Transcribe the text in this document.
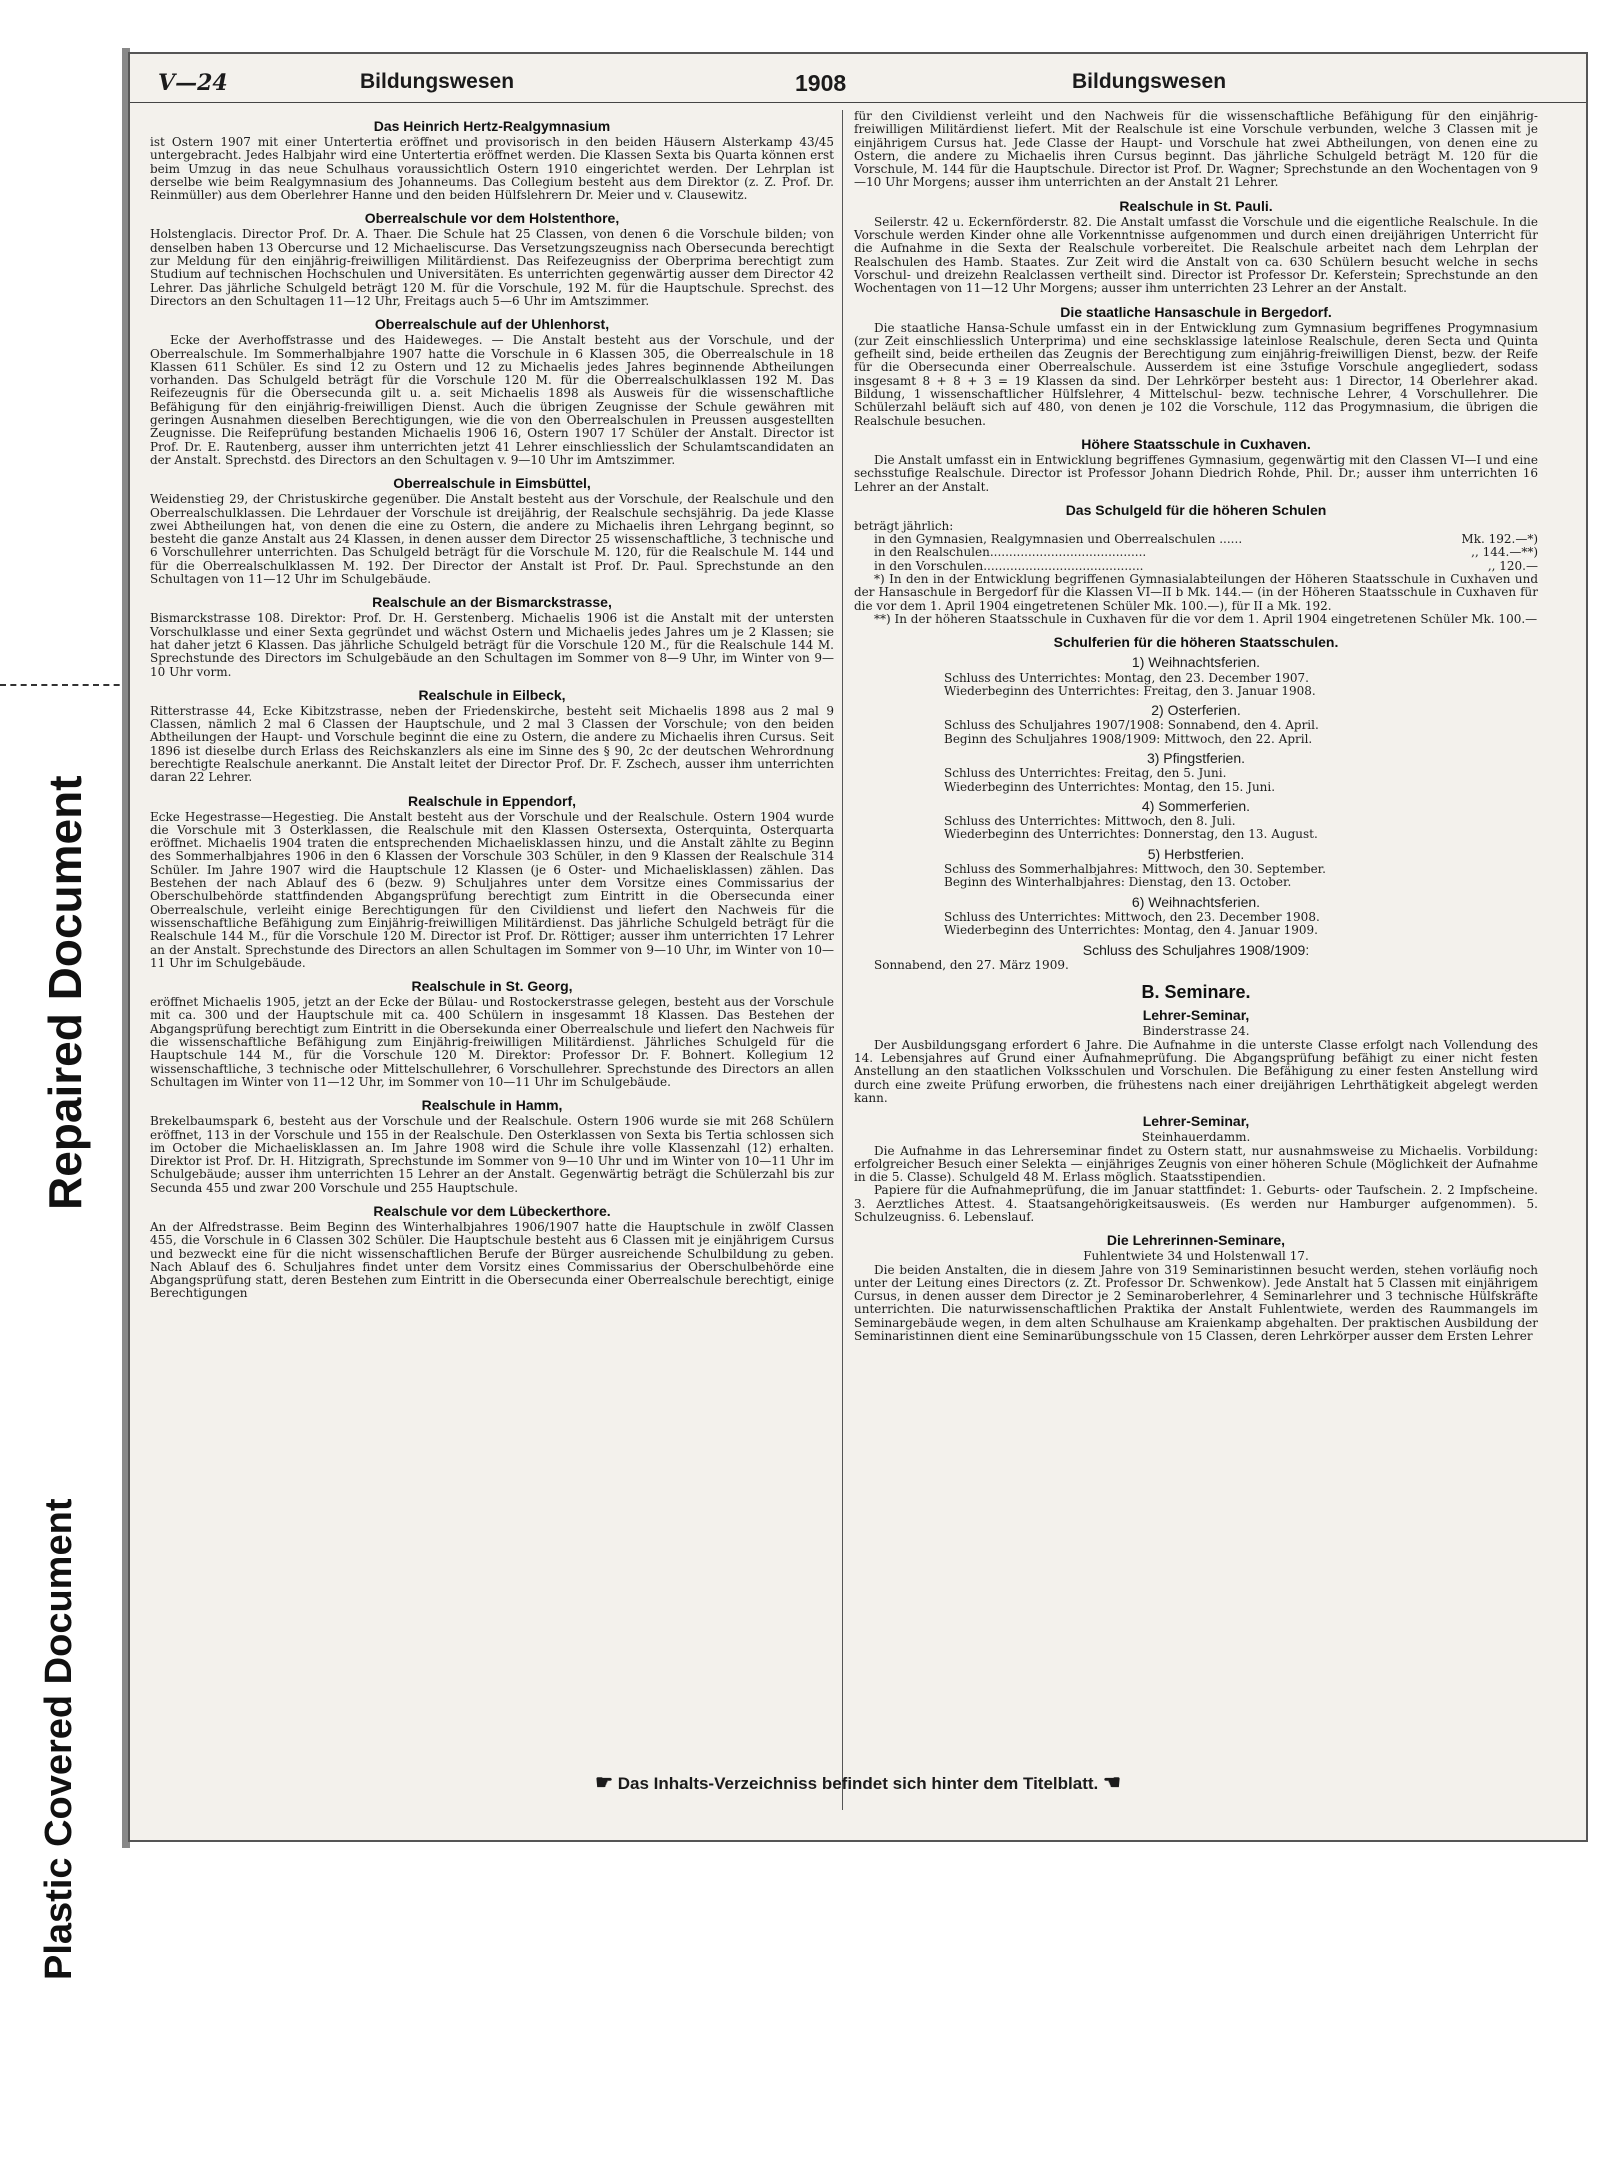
Repaired Document
Plastic Covered Document
V—24	Bildungswesen	1908	Bildungswesen
Das Heinrich Hertz-Realgymnasium

ist Ostern 1907 mit einer Untertertia eröffnet und provisorisch in den beiden Häusern Alsterkamp 43/45 untergebracht. Jedes Halbjahr wird eine Untertertia eröffnet werden. Die Klassen Sexta bis Quarta können erst beim Umzug in das neue Schulhaus voraussichtlich Ostern 1910 eingerichtet werden. Der Lehrplan ist derselbe wie beim Realgymnasium des Johanneums. Das Collegium besteht aus dem Direktor (z. Z. Prof. Dr. Reinmüller) aus dem Oberlehrer Hanne und den beiden Hülfslehrern Dr. Meier und v. Clausewitz.

Oberrealschule vor dem Holstenthore,

Holstenglacis. Director Prof. Dr. A. Thaer. Die Schule hat 25 Classen, von denen 6 die Vorschule bilden; von denselben haben 13 Obercurse und 12 Michaeliscurse. Das Versetzungszeugniss nach Obersecunda berechtigt zur Meldung für den einjährig-freiwilligen Militärdienst. Das Reifezeugniss der Oberprima berechtigt zum Studium auf technischen Hochschulen und Universitäten. Es unterrichten gegenwärtig ausser dem Director 42 Lehrer. Das jährliche Schulgeld beträgt 120 M. für die Vorschule, 192 M. für die Hauptschule. Sprechst. des Directors an den Schultagen 11—12 Uhr, Freitags auch 5—6 Uhr im Amtszimmer.

Oberrealschule auf der Uhlenhorst,

Ecke der Averhoffstrasse und des Haideweges. — Die Anstalt besteht aus der Vorschule, und der Oberrealschule. Im Sommerhalbjahre 1907 hatte die Vorschule in 6 Klassen 305, die Oberrealschule in 18 Klassen 611 Schüler. Es sind 12 zu Ostern und 12 zu Michaelis jedes Jahres beginnende Abtheilungen vorhanden. Das Schulgeld beträgt für die Vorschule 120 M. für die Oberrealschulklassen 192 M. Das Reifezeugnis für die Obersecunda gilt u. a. seit Michaelis 1898 als Ausweis für die wissenschaftliche Befähigung für den einjährig-freiwilligen Dienst. Auch die übrigen Zeugnisse der Schule gewähren mit geringen Ausnahmen dieselben Berechtigungen, wie die von den Oberrealschulen in Preussen ausgestellten Zeugnisse. Die Reifeprüfung bestanden Michaelis 1906 16, Ostern 1907 17 Schüler der Anstalt. Director ist Prof. Dr. E. Rautenberg, ausser ihm unterrichten jetzt 41 Lehrer einschliesslich der Schulamtscandidaten an der Anstalt. Sprechstd. des Directors an den Schultagen v. 9—10 Uhr im Amtszimmer.

Oberrealschule in Eimsbüttel,

Weidenstieg 29, der Christuskirche gegenüber. Die Anstalt besteht aus der Vorschule, der Realschule und den Oberrealschulklassen. Die Lehrdauer der Vorschule ist dreijährig, der Realschule sechsjährig. Da jede Klasse zwei Abtheilungen hat, von denen die eine zu Ostern, die andere zu Michaelis ihren Lehrgang beginnt, so besteht die ganze Anstalt aus 24 Klassen, in denen ausser dem Director 25 wissenschaftliche, 3 technische und 6 Vorschullehrer unterrichten. Das Schulgeld beträgt für die Vorschule M. 120, für die Realschule M. 144 und für die Oberrealschulklassen M. 192. Der Director der Anstalt ist Prof. Dr. Paul. Sprechstunde an den Schultagen von 11—12 Uhr im Schulgebäude.

Realschule an der Bismarckstrasse,

Bismarckstrasse 108. Direktor: Prof. Dr. H. Gerstenberg. Michaelis 1906 ist die Anstalt mit der untersten Vorschulklasse und einer Sexta gegründet und wächst Ostern und Michaelis jedes Jahres um je 2 Klassen; sie hat daher jetzt 6 Klassen. Das jährliche Schulgeld beträgt für die Vorschule 120 M., für die Realschule 144 M. Sprechstunde des Directors im Schulgebäude an den Schultagen im Sommer von 8—9 Uhr, im Winter von 9—10 Uhr vorm.

Realschule in Eilbeck,

Ritterstrasse 44, Ecke Kibitzstrasse, neben der Friedenskirche, besteht seit Michaelis 1898 aus 2 mal 9 Classen, nämlich 2 mal 6 Classen der Hauptschule, und 2 mal 3 Classen der Vorschule; von den beiden Abtheilungen der Haupt- und Vorschule beginnt die eine zu Ostern, die andere zu Michaelis ihren Cursus. Seit 1896 ist dieselbe durch Erlass des Reichskanzlers als eine im Sinne des § 90, 2c der deutschen Wehrordnung berechtigte Realschule anerkannt. Die Anstalt leitet der Director Prof. Dr. F. Zschech, ausser ihm unterrichten daran 22 Lehrer.

Realschule in Eppendorf,

Ecke Hegestrasse—Hegestieg. Die Anstalt besteht aus der Vorschule und der Realschule. Ostern 1904 wurde die Vorschule mit 3 Osterklassen, die Realschule mit den Klassen Ostersexta, Osterquinta, Osterquarta eröffnet. Michaelis 1904 traten die entsprechenden Michaelisklassen hinzu, und die Anstalt zählte zu Beginn des Sommerhalbjahres 1906 in den 6 Klassen der Vorschule 303 Schüler, in den 9 Klassen der Realschule 314 Schüler. Im Jahre 1907 wird die Hauptschule 12 Klassen (je 6 Oster- und Michaelisklassen) zählen. Das Bestehen der nach Ablauf des 6 (bezw. 9) Schuljahres unter dem Vorsitze eines Commissarius der Oberschulbehörde stattfindenden Abgangsprüfung berechtigt zum Eintritt in die Obersecunda einer Oberrealschule, verleiht einige Berechtigungen für den Civildienst und liefert den Nachweis für die wissenschaftliche Befähigung zum Einjährig-freiwilligen Militärdienst. Das jährliche Schulgeld beträgt für die Realschule 144 M., für die Vorschule 120 M. Director ist Prof. Dr. Röttiger; ausser ihm unterrichten 17 Lehrer an der Anstalt. Sprechstunde des Directors an allen Schultagen im Sommer von 9—10 Uhr, im Winter von 10—11 Uhr im Schulgebäude.

Realschule in St. Georg,

eröffnet Michaelis 1905, jetzt an der Ecke der Bülau- und Rostockerstrasse gelegen, besteht aus der Vorschule mit ca. 300 und der Hauptschule mit ca. 400 Schülern in insgesammt 18 Klassen. Das Bestehen der Abgangsprüfung berechtigt zum Eintritt in die Obersekunda einer Oberrealschule und liefert den Nachweis für die wissenschaftliche Befähigung zum Einjährig-freiwilligen Militärdienst. Jährliches Schulgeld für die Hauptschule 144 M., für die Vorschule 120 M. Direktor: Professor Dr. F. Bohnert. Kollegium 12 wissenschaftliche, 3 technische oder Mittelschullehrer, 6 Vorschullehrer. Sprechstunde des Directors an allen Schultagen im Winter von 11—12 Uhr, im Sommer von 10—11 Uhr im Schulgebäude.

Realschule in Hamm,

Brekelbaumspark 6, besteht aus der Vorschule und der Realschule. Ostern 1906 wurde sie mit 268 Schülern eröffnet, 113 in der Vorschule und 155 in der Realschule. Den Osterklassen von Sexta bis Tertia schlossen sich im October die Michaelisklassen an. Im Jahre 1908 wird die Schule ihre volle Klassenzahl (12) erhalten. Direktor ist Prof. Dr. H. Hitzigrath, Sprechstunde im Sommer von 9—10 Uhr und im Winter von 10—11 Uhr im Schulgebäude; ausser ihm unterrichten 15 Lehrer an der Anstalt. Gegenwärtig beträgt die Schülerzahl bis zur Secunda 455 und zwar 200 Vorschule und 255 Hauptschule.

Realschule vor dem Lübeckerthore.

An der Alfredstrasse. Beim Beginn des Winterhalbjahres 1906/1907 hatte die Hauptschule in zwölf Classen 455, die Vorschule in 6 Classen 302 Schüler. Die Hauptschule besteht aus 6 Classen mit je einjährigem Cursus und bezweckt eine für die nicht wissenschaftlichen Berufe der Bürger ausreichende Schulbildung zu geben. Nach Ablauf des 6. Schuljahres findet unter dem Vorsitz eines Commissarius der Oberschulbehörde eine Abgangsprüfung statt, deren Bestehen zum Eintritt in die Obersecunda einer Oberrealschule berechtigt, einige Berechtigungen

für den Civildienst verleiht und den Nachweis für die wissenschaftliche Befähigung für den einjährig-freiwilligen Militärdienst liefert. Mit der Realschule ist eine Vorschule verbunden, welche 3 Classen mit je einjährigem Cursus hat. Jede Classe der Haupt- und Vorschule hat zwei Abtheilungen, von denen eine zu Ostern, die andere zu Michaelis ihren Cursus beginnt. Das jährliche Schulgeld beträgt M. 120 für die Vorschule, M. 144 für die Hauptschule. Director ist Prof. Dr. Wagner; Sprechstunde an den Wochentagen von 9—10 Uhr Morgens; ausser ihm unterrichten an der Anstalt 21 Lehrer.

Realschule in St. Pauli.

Seilerstr. 42 u. Eckernförderstr. 82. Die Anstalt umfasst die Vorschule und die eigentliche Realschule. In die Vorschule werden Kinder ohne alle Vorkenntnisse aufgenommen und durch einen dreijährigen Unterricht für die Aufnahme in die Sexta der Realschule vorbereitet. Die Realschule arbeitet nach dem Lehrplan der Realschulen des Hamb. Staates. Zur Zeit wird die Anstalt von ca. 630 Schülern besucht welche in sechs Vorschul- und dreizehn Realclassen vertheilt sind. Director ist Professor Dr. Keferstein; Sprechstunde an den Wochentagen von 11—12 Uhr Morgens; ausser ihm unterrichten 23 Lehrer an der Anstalt.

Die staatliche Hansaschule in Bergedorf.

Die staatliche Hansa-Schule umfasst ein in der Entwicklung zum Gymnasium begriffenes Progymnasium (zur Zeit einschliesslich Unterprima) und eine sechsklassige lateinlose Realschule, deren Secta und Quinta gefheilt sind, beide ertheilen das Zeugnis der Berechtigung zum einjährig-freiwilligen Dienst, bezw. der Reife für die Obersecunda einer Oberrealschule. Ausserdem ist eine 3stufige Vorschule angegliedert, sodass insgesamt 8 + 8 + 3 = 19 Klassen da sind. Der Lehrkörper besteht aus: 1 Director, 14 Oberlehrer akad. Bildung, 1 wissenschaftlicher Hülfslehrer, 4 Mittelschul- bezw. technische Lehrer, 4 Vorschullehrer. Die Schülerzahl beläuft sich auf 480, von denen je 102 die Vorschule, 112 das Progymnasium, die übrigen die Realschule besuchen.

Höhere Staatsschule in Cuxhaven.

Die Anstalt umfasst ein in Entwicklung begriffenes Gymnasium, gegenwärtig mit den Classen VI—I und eine sechsstufige Realschule. Director ist Professor Johann Diedrich Rohde, Phil. Dr.; ausser ihm unterrichten 16 Lehrer an der Anstalt.

Das Schulgeld für die höheren Schulen

beträgt jährlich:

in den Gymnasien, Realgymnasien und Oberrealschulen ......	Mk. 192.—*)
in den Realschulen.........................................	,, 144.—**)
in den Vorschulen..........................................	,, 120.—

*) In den in der Entwicklung begriffenen Gymnasialabteilungen der Höheren Staatsschule in Cuxhaven und der Hansaschule in Bergedorf für die Klassen VI—II b Mk. 144.— (in der Höheren Staatsschule in Cuxhaven für die vor dem 1. April 1904 eingetretenen Schüler Mk. 100.—), für II a Mk. 192.

**) In der höheren Staatsschule in Cuxhaven für die vor dem 1. April 1904 eingetretenen Schüler Mk. 100.—

Schulferien für die höheren Staatsschulen.
1) Weihnachtsferien.

Schluss des Unterrichtes: Montag, den 23. December 1907.

Wiederbeginn des Unterrichtes: Freitag, den 3. Januar 1908.

2) Osterferien.

Schluss des Schuljahres 1907/1908: Sonnabend, den 4. April.

Beginn des Schuljahres 1908/1909: Mittwoch, den 22. April.

3) Pfingstferien.

Schluss des Unterrichtes: Freitag, den 5. Juni.

Wiederbeginn des Unterrichtes: Montag, den 15. Juni.

4) Sommerferien.

Schluss des Unterrichtes: Mittwoch, den 8. Juli.

Wiederbeginn des Unterrichtes: Donnerstag, den 13. August.

5) Herbstferien.

Schluss des Sommerhalbjahres: Mittwoch, den 30. September.

Beginn des Winterhalbjahres: Dienstag, den 13. October.

6) Weihnachtsferien.

Schluss des Unterrichtes: Mittwoch, den 23. December 1908.

Wiederbeginn des Unterrichtes: Montag, den 4. Januar 1909.

Schluss des Schuljahres 1908/1909:

Sonnabend, den 27. März 1909.

B. Seminare.
Lehrer-Seminar,

Binderstrasse 24.

Der Ausbildungsgang erfordert 6 Jahre. Die Aufnahme in die unterste Classe erfolgt nach Vollendung des 14. Lebensjahres auf Grund einer Aufnahmeprüfung. Die Abgangsprüfung befähigt zu einer nicht festen Anstellung an den staatlichen Volksschulen und Vorschulen. Die Befähigung zu einer festen Anstellung wird durch eine zweite Prüfung erworben, die frühestens nach einer dreijährigen Lehrthätigkeit abgelegt werden kann.

Lehrer-Seminar,

Steinhauerdamm.

Die Aufnahme in das Lehrerseminar findet zu Ostern statt, nur ausnahmsweise zu Michaelis. Vorbildung: erfolgreicher Besuch einer Selekta — einjähriges Zeugnis von einer höheren Schule (Möglichkeit der Aufnahme in die 5. Classe). Schulgeld 48 M. Erlass möglich. Staatsstipendien.

Papiere für die Aufnahmeprüfung, die im Januar stattfindet: 1. Geburts- oder Taufschein. 2. 2 Impfscheine. 3. Aerztliches Attest. 4. Staatsangehörigkeitsausweis. (Es werden nur Hamburger aufgenommen). 5. Schulzeugniss. 6. Lebenslauf.

Die Lehrerinnen-Seminare,

Fuhlentwiete 34 und Holstenwall 17.

Die beiden Anstalten, die in diesem Jahre von 319 Seminaristinnen besucht werden, stehen vorläufig noch unter der Leitung eines Directors (z. Zt. Professor Dr. Schwenkow). Jede Anstalt hat 5 Classen mit einjährigem Cursus, in denen ausser dem Director je 2 Seminaroberlehrer, 4 Seminarlehrer und 3 technische Hülfskräfte unterrichten. Die naturwissenschaftlichen Praktika der Anstalt Fuhlentwiete, werden des Raummangels im Seminargebäude wegen, in dem alten Schulhause am Kraienkamp abgehalten. Der praktischen Ausbildung der Seminaristinnen dient eine Seminarübungsschule von 15 Classen, deren Lehrkörper ausser dem Ersten Lehrer

☛ Das Inhalts-Verzeichniss befindet sich hinter dem Titelblatt. ☚
